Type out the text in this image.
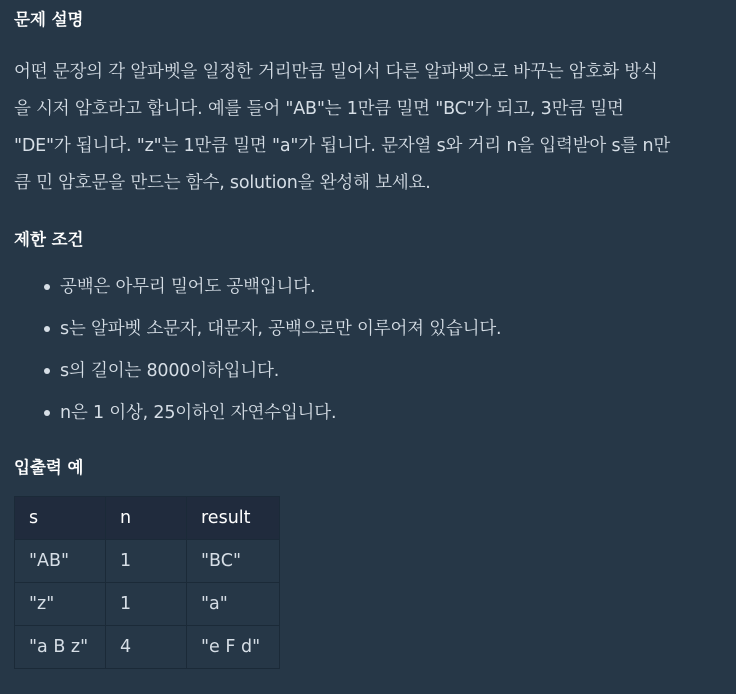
문제 설명

어떤 문장의 각 알파벳을 일정한 거리만큼 밀어서 다른 알파벳으로 바꾸는 암호화 방식

을 시저 암호라고 합니다. 예를 들어 "AB"는 1만큼 밀면 "BC"가 되고, 3만큼 밀면

"DE"가 됩니다. "z"는 1만큼 밀면 "a"가 됩니다. 문자열 s와 거리 n을 입력받아 s를 n만

큼 민 암호문을 만드는 함수, solution을 완성해 보세요.

제한 조건
공백은 아무리 밀어도 공백입니다.
s는 알파벳 소문자, 대문자, 공백으로만 이루어져 있습니다.
s의 길이는 8000이하입니다.
n은 1 이상, 25이하인 자연수입니다.
입출력 예
s	n	result
"AB"	1	"BC"
"z"	1	"a"
"a B z"	4	"e F d"
